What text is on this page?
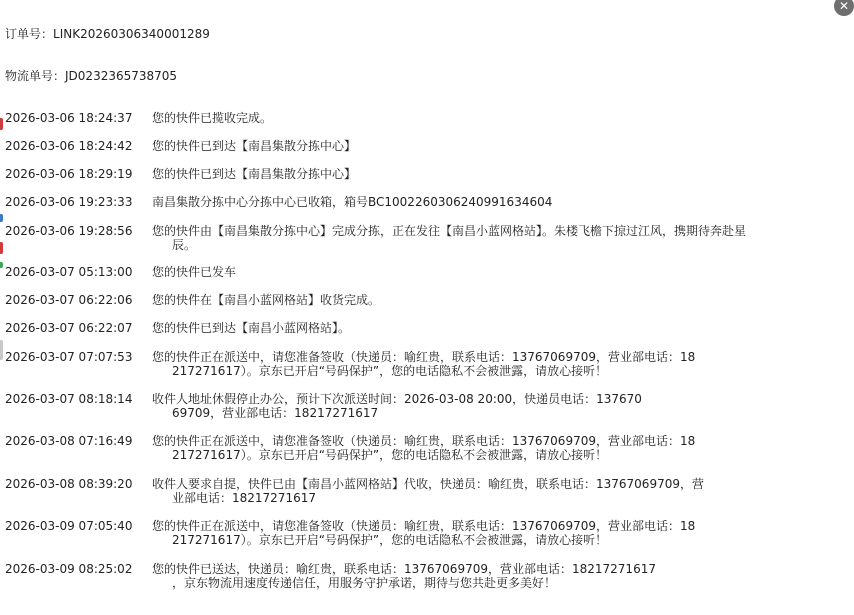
订单号：LINK20260306340001289
物流单号：JD0232365738705
2026-03-06 18:24:37 您的快件已揽收完成。
2026-03-06 18:24:42 您的快件已到达【南昌集散分拣中心】
2026-03-06 18:29:19 您的快件已到达【南昌集散分拣中心】
2026-03-06 19:23:33 南昌集散分拣中心分拣中心已收箱，箱号BC1002260306240991634604
2026-03-06 19:28:56 您的快件由【南昌集散分拣中心】完成分拣，正在发往【南昌小蓝网格站】。朱楼飞檐下掠过江风，携期待奔赴星
辰。
2026-03-07 05:13:00 您的快件已发车
2026-03-07 06:22:06 您的快件在【南昌小蓝网格站】收货完成。
2026-03-07 06:22:07 您的快件已到达【南昌小蓝网格站】。
2026-03-07 07:07:53 您的快件正在派送中，请您准备签收（快递员：喻红贵，联系电话：13767069709，营业部电话：18
217271617）。京东已开启“号码保护”，您的电话隐私不会被泄露，请放心接听！
2026-03-07 08:18:14 收件人地址休假停止办公，预计下次派送时间：2026-03-08 20:00，快递员电话：137670
69709，营业部电话：18217271617
2026-03-08 07:16:49 您的快件正在派送中，请您准备签收（快递员：喻红贵，联系电话：13767069709，营业部电话：18
217271617）。京东已开启“号码保护”，您的电话隐私不会被泄露，请放心接听！
2026-03-08 08:39:20 收件人要求自提，快件已由【南昌小蓝网格站】代收，快递员：喻红贵，联系电话：13767069709，营
业部电话：18217271617
2026-03-09 07:05:40 您的快件正在派送中，请您准备签收（快递员：喻红贵，联系电话：13767069709，营业部电话：18
217271617）。京东已开启“号码保护”，您的电话隐私不会被泄露，请放心接听！
2026-03-09 08:25:02 您的快件已送达，快递员：喻红贵，联系电话：13767069709，营业部电话：18217271617
，京东物流用速度传递信任，用服务守护承诺，期待与您共赴更多美好！
✕
